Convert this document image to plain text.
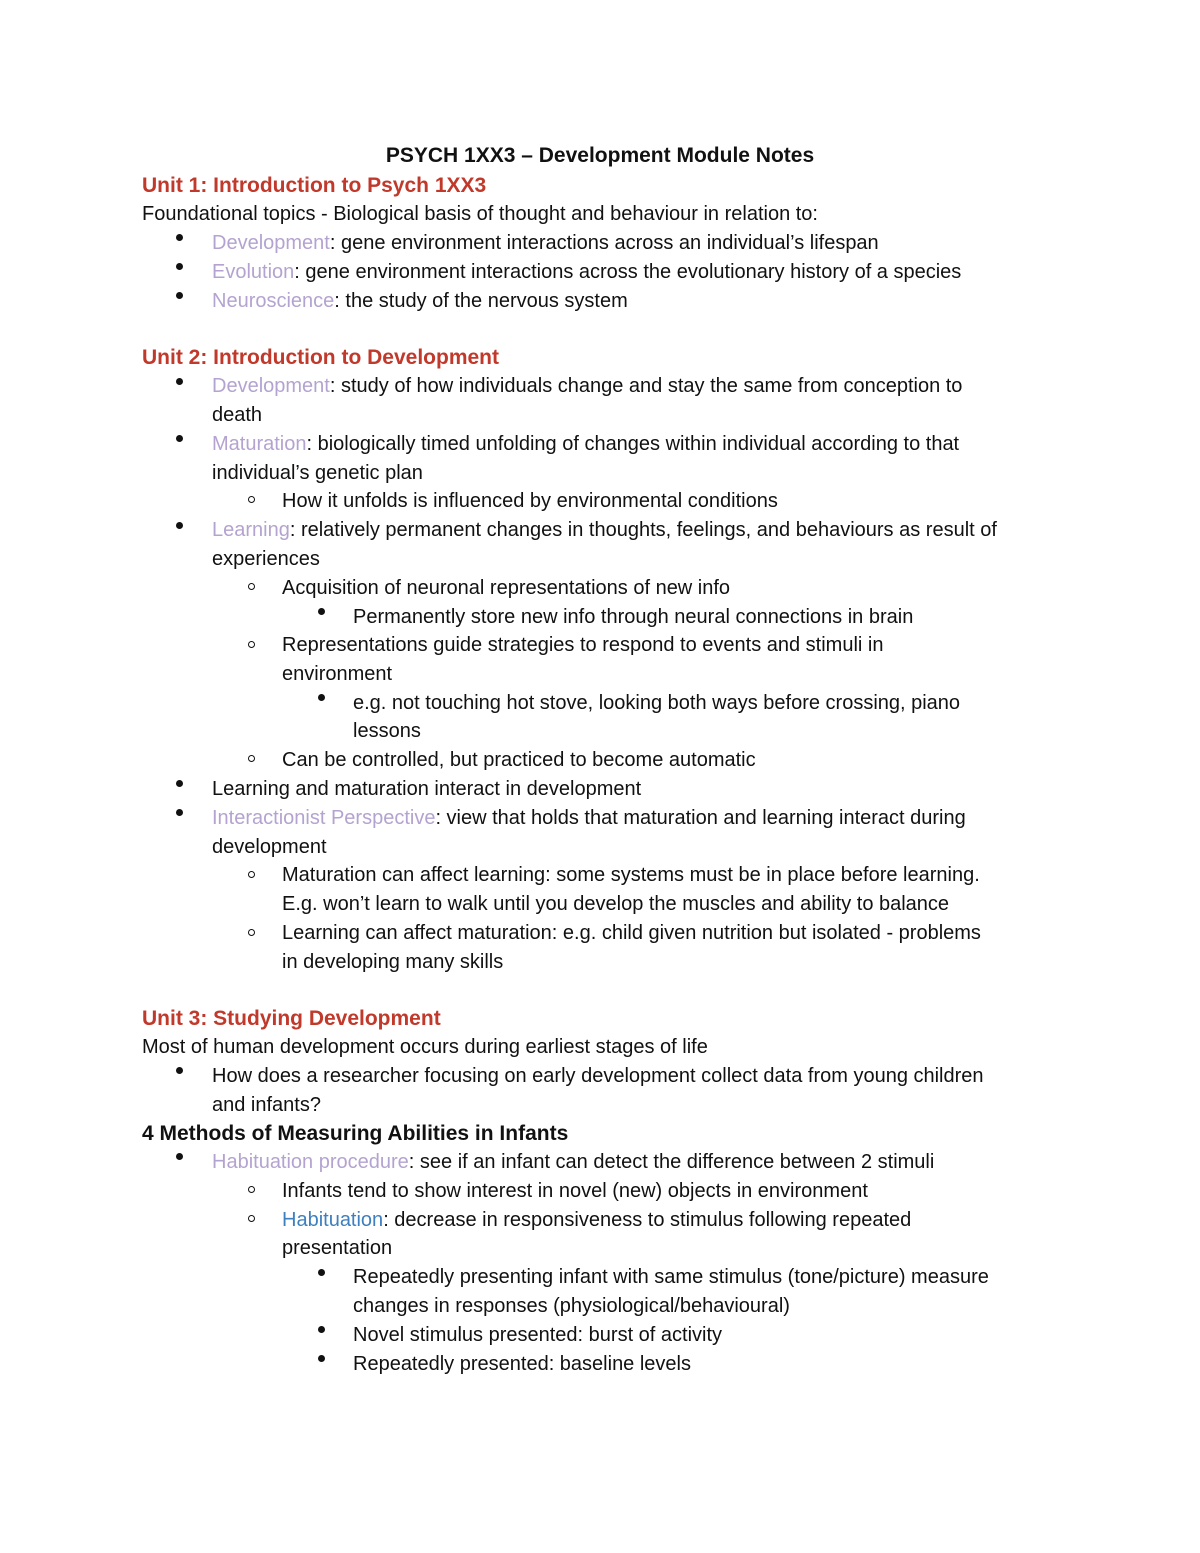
PSYCH 1XX3 – Development Module Notes
Unit 1: Introduction to Psych 1XX3
Foundational topics - Biological basis of thought and behaviour in relation to:
Development: gene environment interactions across an individual’s lifespan
Evolution: gene environment interactions across the evolutionary history of a species
Neuroscience: the study of the nervous system
Unit 2: Introduction to Development
Development: study of how individuals change and stay the same from conception to
death
Maturation: biologically timed unfolding of changes within individual according to that
individual’s genetic plan
How it unfolds is influenced by environmental conditions
Learning: relatively permanent changes in thoughts, feelings, and behaviours as result of
experiences
Acquisition of neuronal representations of new info
Permanently store new info through neural connections in brain
Representations guide strategies to respond to events and stimuli in
environment
e.g. not touching hot stove, looking both ways before crossing, piano
lessons
Can be controlled, but practiced to become automatic
Learning and maturation interact in development
Interactionist Perspective: view that holds that maturation and learning interact during
development
Maturation can affect learning: some systems must be in place before learning.
E.g. won’t learn to walk until you develop the muscles and ability to balance
Learning can affect maturation: e.g. child given nutrition but isolated - problems
in developing many skills
Unit 3: Studying Development
Most of human development occurs during earliest stages of life
How does a researcher focusing on early development collect data from young children
and infants?
4 Methods of Measuring Abilities in Infants
Habituation procedure: see if an infant can detect the difference between 2 stimuli
Infants tend to show interest in novel (new) objects in environment
Habituation: decrease in responsiveness to stimulus following repeated
presentation
Repeatedly presenting infant with same stimulus (tone/picture) measure
changes in responses (physiological/behavioural)
Novel stimulus presented: burst of activity
Repeatedly presented: baseline levels
